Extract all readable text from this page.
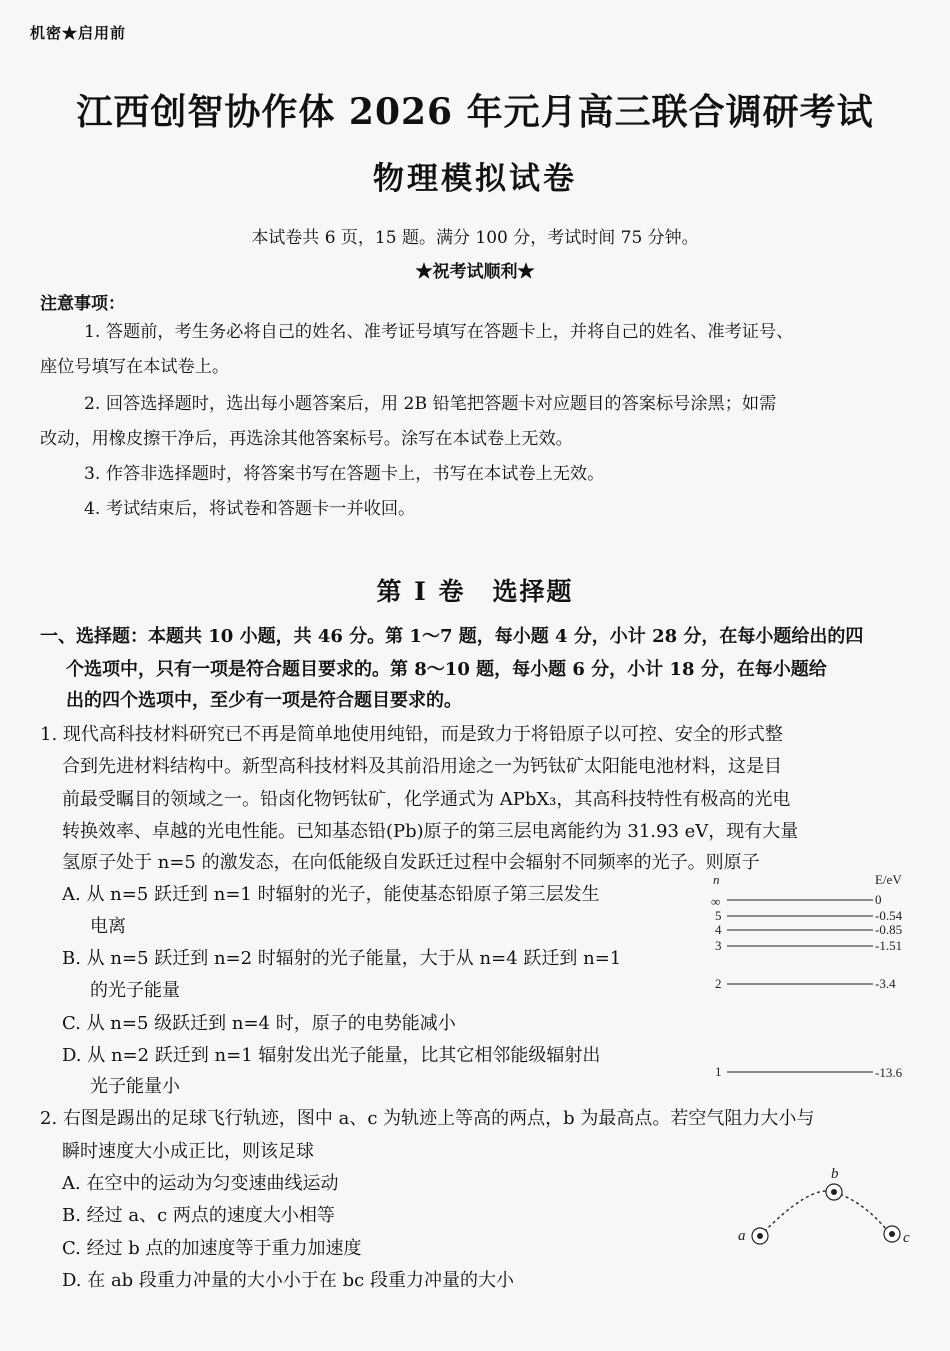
机密★启用前
江西创智协作体 2026 年元月高三联合调研考试
物理模拟试卷
本试卷共 6 页，15 题。满分 100 分，考试时间 75 分钟。
★祝考试顺利★
注意事项：
1. 答题前，考生务必将自己的姓名、准考证号填写在答题卡上，并将自己的姓名、准考证号、
座位号填写在本试卷上。
2. 回答选择题时，选出每小题答案后，用 2B 铅笔把答题卡对应题目的答案标号涂黑；如需
改动，用橡皮擦干净后，再选涂其他答案标号。涂写在本试卷上无效。
3. 作答非选择题时，将答案书写在答题卡上，书写在本试卷上无效。
4. 考试结束后，将试卷和答题卡一并收回。
第 I 卷　选择题
一、选择题：本题共 10 小题，共 46 分。第 1～7 题，每小题 4 分，小计 28 分，在每小题给出的四
个选项中，只有一项是符合题目要求的。第 8～10 题，每小题 6 分，小计 18 分，在每小题给
出的四个选项中，至少有一项是符合题目要求的。
1. 现代高科技材料研究已不再是简单地使用纯铅，而是致力于将铅原子以可控、安全的形式整
合到先进材料结构中。新型高科技材料及其前沿用途之一为钙钛矿太阳能电池材料，这是目
前最受瞩目的领域之一。铅卤化物钙钛矿，化学通式为 APbX₃，其高科技特性有极高的光电
转换效率、卓越的光电性能。已知基态铅(Pb)原子的第三层电离能约为 31.93 eV，现有大量
氢原子处于 n=5 的激发态，在向低能级自发跃迁过程中会辐射不同频率的光子。则原子
A. 从 n=5 跃迁到 n=1 时辐射的光子，能使基态铅原子第三层发生
电离
B. 从 n=5 跃迁到 n=2 时辐射的光子能量，大于从 n=4 跃迁到 n=1
的光子能量
C. 从 n=5 级跃迁到 n=4 时，原子的电势能减小
D. 从 n=2 跃迁到 n=1 辐射发出光子能量，比其它相邻能级辐射出
光子能量小
n	E/eV
∞	0
5	-0.54
4	-0.85
3	-1.51
2	-3.4
1	-13.6
2. 右图是踢出的足球飞行轨迹，图中 a、c 为轨迹上等高的两点，b 为最高点。若空气阻力大小与
瞬时速度大小成正比，则该足球
A. 在空中的运动为匀变速曲线运动
B. 经过 a、c 两点的速度大小相等
C. 经过 b 点的加速度等于重力加速度
D. 在 ab 段重力冲量的大小小于在 bc 段重力冲量的大小
a
b
c
